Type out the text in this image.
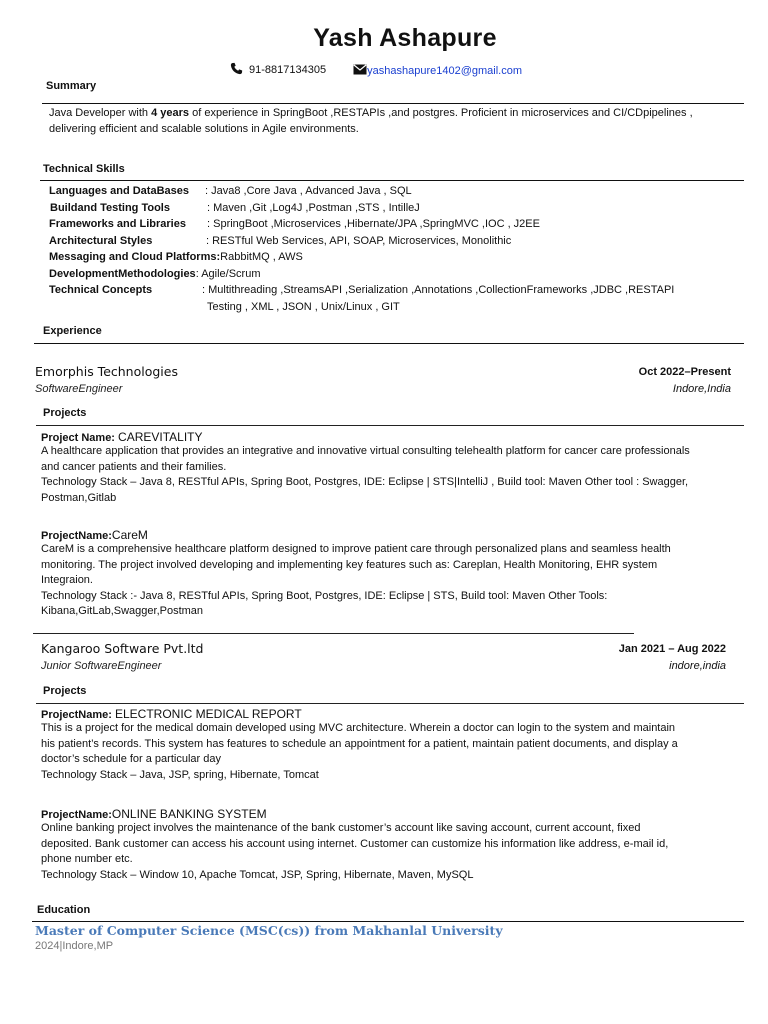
Yash Ashapure
91-8817134305
	yashashapure1402@gmail.com
Summary
Java Developer with 4 years of experience in SpringBoot ,RESTAPIs ,and postgres. Proficient in microservices and CI/CDpipelines ,
delivering efficient and scalable solutions in Agile environments.
Technical Skills
Languages and DataBases	: Java8 ,Core Java , Advanced Java , SQL
Buildand Testing Tools	: Maven ,Git ,Log4J ,Postman ,STS , IntilleJ
Frameworks and Libraries	: SpringBoot ,Microservices ,Hibernate/JPA ,SpringMVC ,IOC , J2EE
Architectural Styles	: RESTful Web Services, API, SOAP, Microservices, Monolithic
Messaging and Cloud Platforms: RabbitMQ , AWS
DevelopmentMethodologies : Agile/Scrum
Technical Concepts	: Multithreading ,StreamsAPI ,Serialization ,Annotations ,CollectionFrameworks ,JDBC ,RESTAPI
Testing , XML , JSON , Unix/Linux , GIT
Experience
Emorphis Technologies	Oct 2022–Present
SoftwareEngineer	Indore,India
Projects
Project Name: CAREVITALITY
A healthcare application that provides an integrative and innovative virtual consulting telehealth platform for cancer care professionals
and cancer patients and their families.
Technology Stack – Java 8, RESTful APIs, Spring Boot, Postgres, IDE: Eclipse | STS|IntelliJ , Build tool: Maven Other tool : Swagger,
Postman,Gitlab
ProjectName:CareM
CareM is a comprehensive healthcare platform designed to improve patient care through personalized plans and seamless health
monitoring. The project involved developing and implementing key features such as: Careplan, Health Monitoring, EHR system
Integraion.
Technology Stack :- Java 8, RESTful APIs, Spring Boot, Postgres, IDE: Eclipse | STS, Build tool: Maven Other Tools:
Kibana,GitLab,Swagger,Postman
Kangaroo Software Pvt.ltd	Jan 2021 – Aug 2022
Junior SoftwareEngineer	indore,india
Projects
ProjectName: ELECTRONIC MEDICAL REPORT
This is a project for the medical domain developed using MVC architecture. Wherein a doctor can login to the system and maintain
his patient’s records. This system has features to schedule an appointment for a patient, maintain patient documents, and display a
doctor’s schedule for a particular day
Technology Stack – Java, JSP, spring, Hibernate, Tomcat
ProjectName:ONLINE BANKING SYSTEM
Online banking project involves the maintenance of the bank customer’s account like saving account, current account, fixed
deposited. Bank customer can access his account using internet. Customer can customize his information like address, e-mail id,
phone number etc.
Technology Stack – Window 10, Apache Tomcat, JSP, Spring, Hibernate, Maven, MySQL
Education
Master of Computer Science (MSC(cs)) from Makhanlal University
2024|Indore,MP
